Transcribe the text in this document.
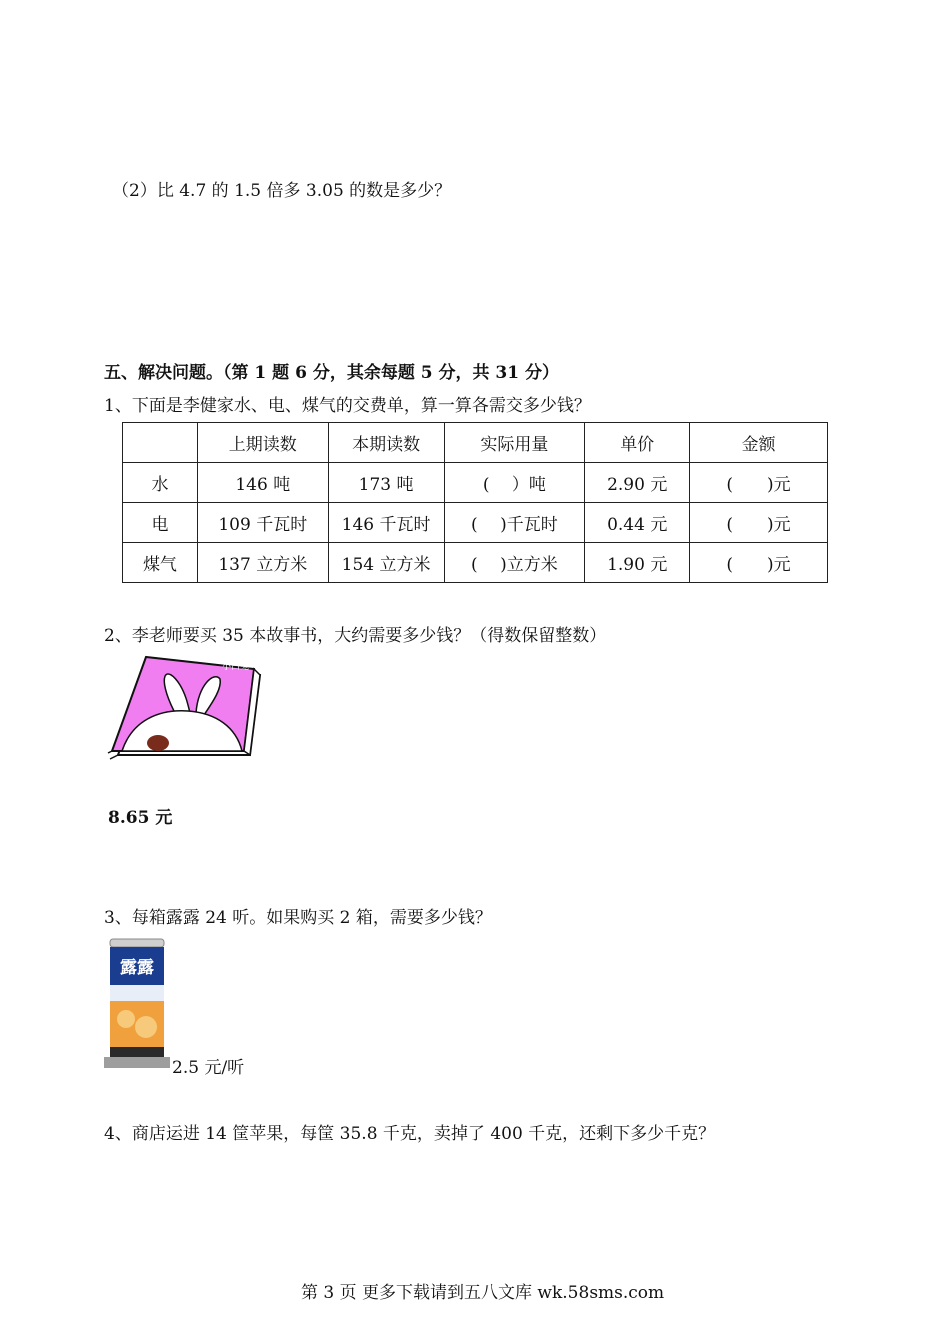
（2）比 4.7 的 1.5 倍多 3.05 的数是多少？
五、解决问题。（第 1 题 6 分，其余每题 5 分，共 31 分）
1、下面是李健家水、电、煤气的交费单，算一算各需交多少钱？
	上期读数	本期读数	实际用量	单价	金额
水	146 吨	173 吨	(　 ）吨	2.90 元	(　　)元
电	109 千瓦时	146 千瓦时	(　 )千瓦时	0.44 元	(　　)元
煤气	137 立方米	154 立方米	(　 )立方米	1.90 元	(　　)元
2、李老师要买 35 本故事书，大约需要多少钱？（得数保留整数）
小白兔
8.65 元
3、每箱露露 24 听。如果购买 2 箱，需要多少钱？
露露
2.5 元/听
4、商店运进 14 筐苹果，每筐 35.8 千克，卖掉了 400 千克，还剩下多少千克？
第 3 页 更多下载请到五八文库 wk.58sms.com
